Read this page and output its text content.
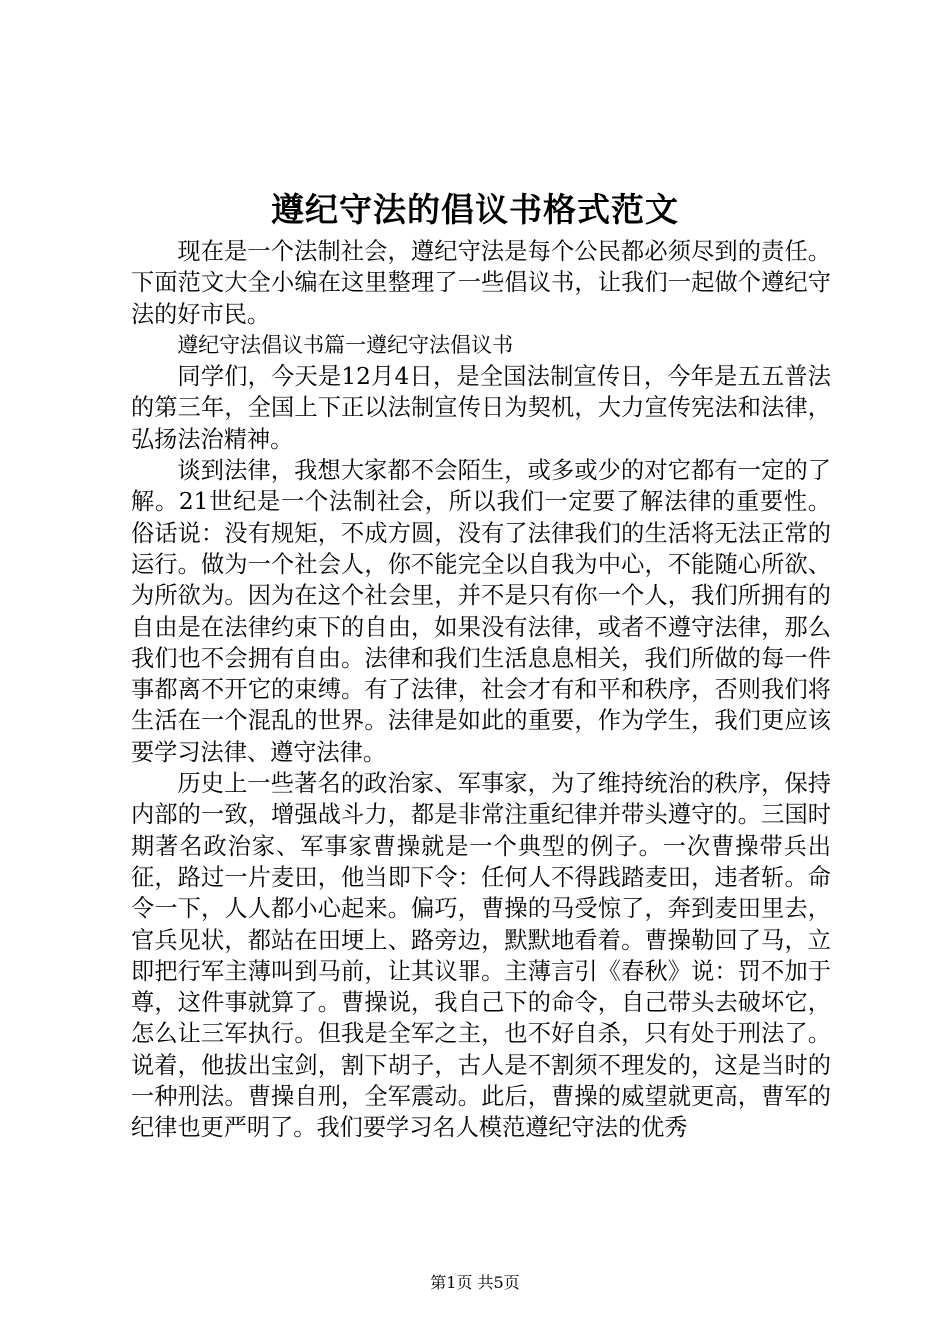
遵纪守法的倡议书格式范文

现在是一个法制社会，遵纪守法是每个公民都必须尽到的责任。下面范文大全小编在这里整理了一些倡议书，让我们一起做个遵纪守法的好市民。

遵纪守法倡议书篇一遵纪守法倡议书

同学们，今天是12月4日，是全国法制宣传日，今年是五五普法的第三年，全国上下正以法制宣传日为契机，大力宣传宪法和法律，弘扬法治精神。

谈到法律，我想大家都不会陌生，或多或少的对它都有一定的了解。21世纪是一个法制社会，所以我们一定要了解法律的重要性。俗话说：没有规矩，不成方圆，没有了法律我们的生活将无法正常的运行。做为一个社会人，你不能完全以自我为中心，不能随心所欲、为所欲为。因为在这个社会里，并不是只有你一个人，我们所拥有的自由是在法律约束下的自由，如果没有法律，或者不遵守法律，那么我们也不会拥有自由。法律和我们生活息息相关，我们所做的每一件事都离不开它的束缚。有了法律，社会才有和平和秩序，否则我们将生活在一个混乱的世界。法律是如此的重要，作为学生，我们更应该要学习法律、遵守法律。

历史上一些著名的政治家、军事家，为了维持统治的秩序，保持内部的一致，增强战斗力，都是非常注重纪律并带头遵守的。三国时期著名政治家、军事家曹操就是一个典型的例子。一次曹操带兵出征，路过一片麦田，他当即下令：任何人不得践踏麦田，违者斩。命令一下，人人都小心起来。偏巧，曹操的马受惊了，奔到麦田里去，官兵见状，都站在田埂上、路旁边，默默地看着。曹操勒回了马，立即把行军主薄叫到马前，让其议罪。主薄言引《春秋》说：罚不加于尊，这件事就算了。曹操说，我自己下的命令，自己带头去破坏它，怎么让三军执行。但我是全军之主，也不好自杀，只有处于刑法了。说着，他拔出宝剑，割下胡子，古人是不割须不理发的，这是当时的一种刑法。曹操自刑，全军震动。此后，曹操的威望就更高，曹军的纪律也更严明了。我们要学习名人模范遵纪守法的优秀

第1页 共5页
